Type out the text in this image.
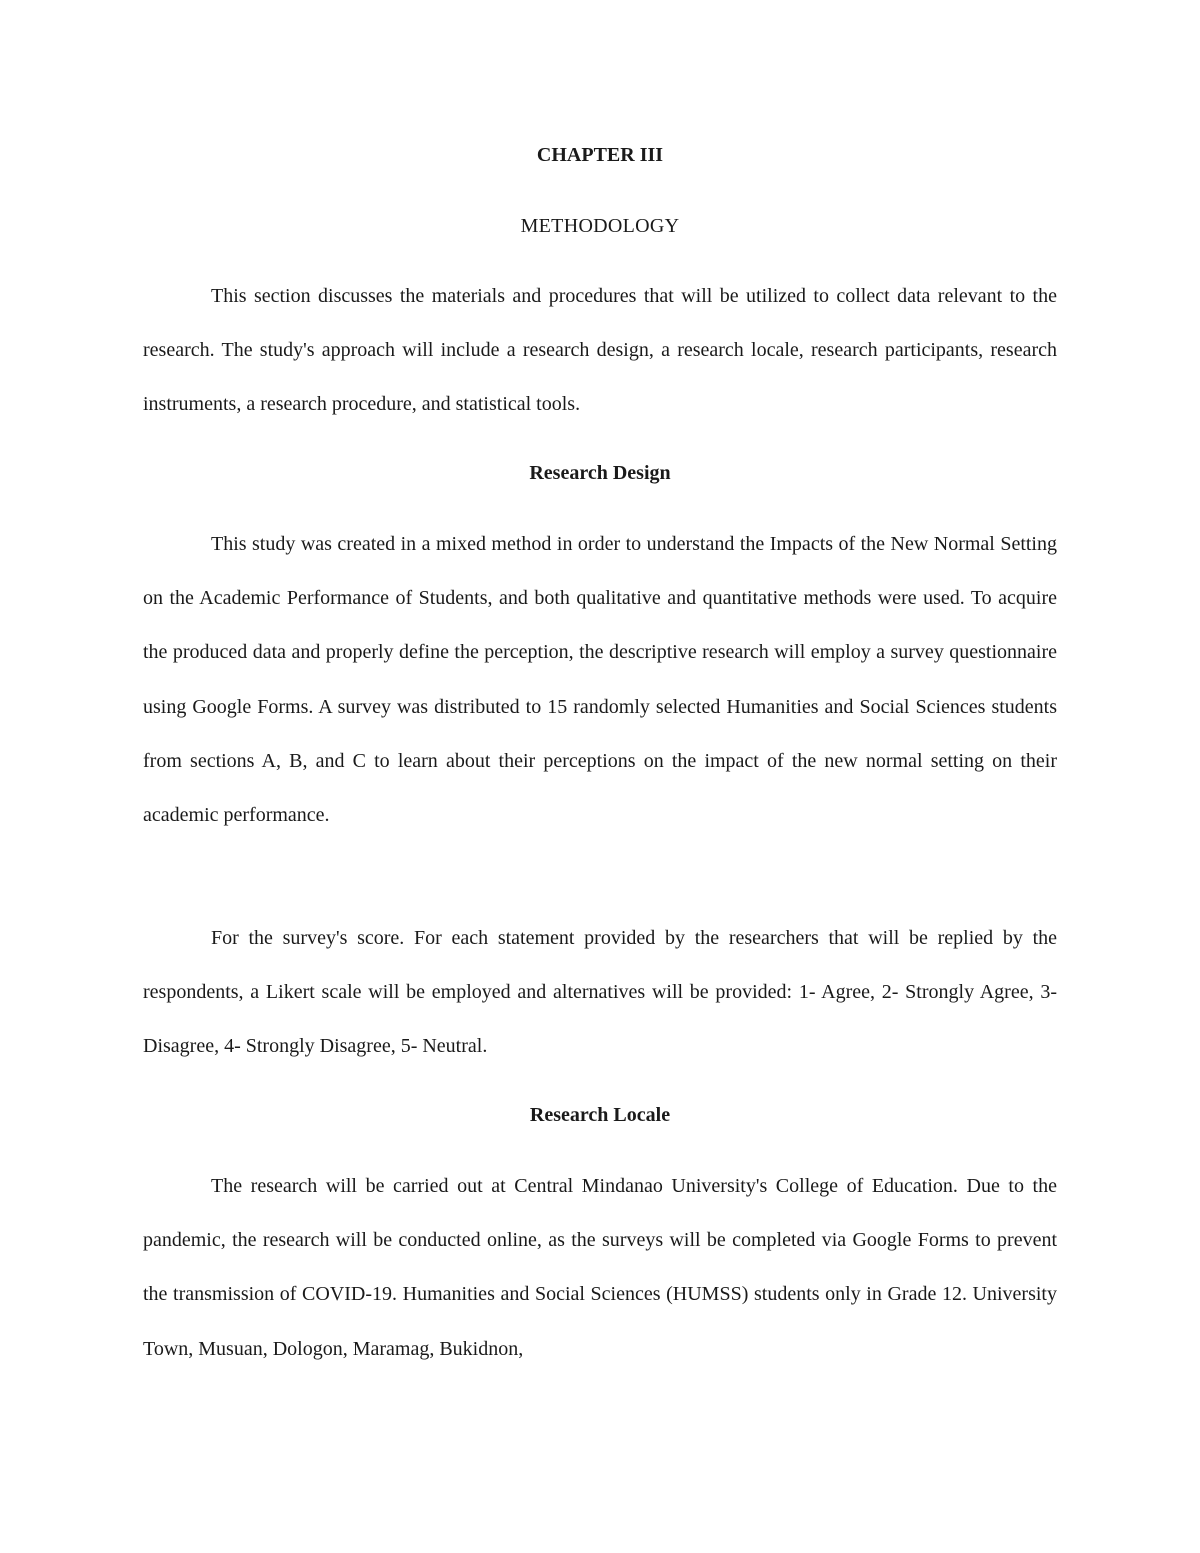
CHAPTER III
METHODOLOGY

This section discusses the materials and procedures that will be utilized to collect data relevant to the research. The study's approach will include a research design, a research locale, research participants, research instruments, a research procedure, and statistical tools.

Research Design

This study was created in a mixed method in order to understand the Impacts of the New Normal Setting on the Academic Performance of Students, and both qualitative and quantitative methods were used. To acquire the produced data and properly define the perception, the descriptive research will employ a survey questionnaire using Google Forms. A survey was distributed to 15 randomly selected Humanities and Social Sciences students from sections A, B, and C to learn about their perceptions on the impact of the new normal setting on their academic performance.

For the survey's score. For each statement provided by the researchers that will be replied by the respondents, a Likert scale will be employed and alternatives will be provided: 1- Agree, 2- Strongly Agree, 3- Disagree, 4- Strongly Disagree, 5- Neutral.

Research Locale

The research will be carried out at Central Mindanao University's College of Education. Due to the pandemic, the research will be conducted online, as the surveys will be completed via Google Forms to prevent the transmission of COVID-19. Humanities and Social Sciences (HUMSS) students only in Grade 12. University Town, Musuan, Dologon, Maramag, Bukidnon,
